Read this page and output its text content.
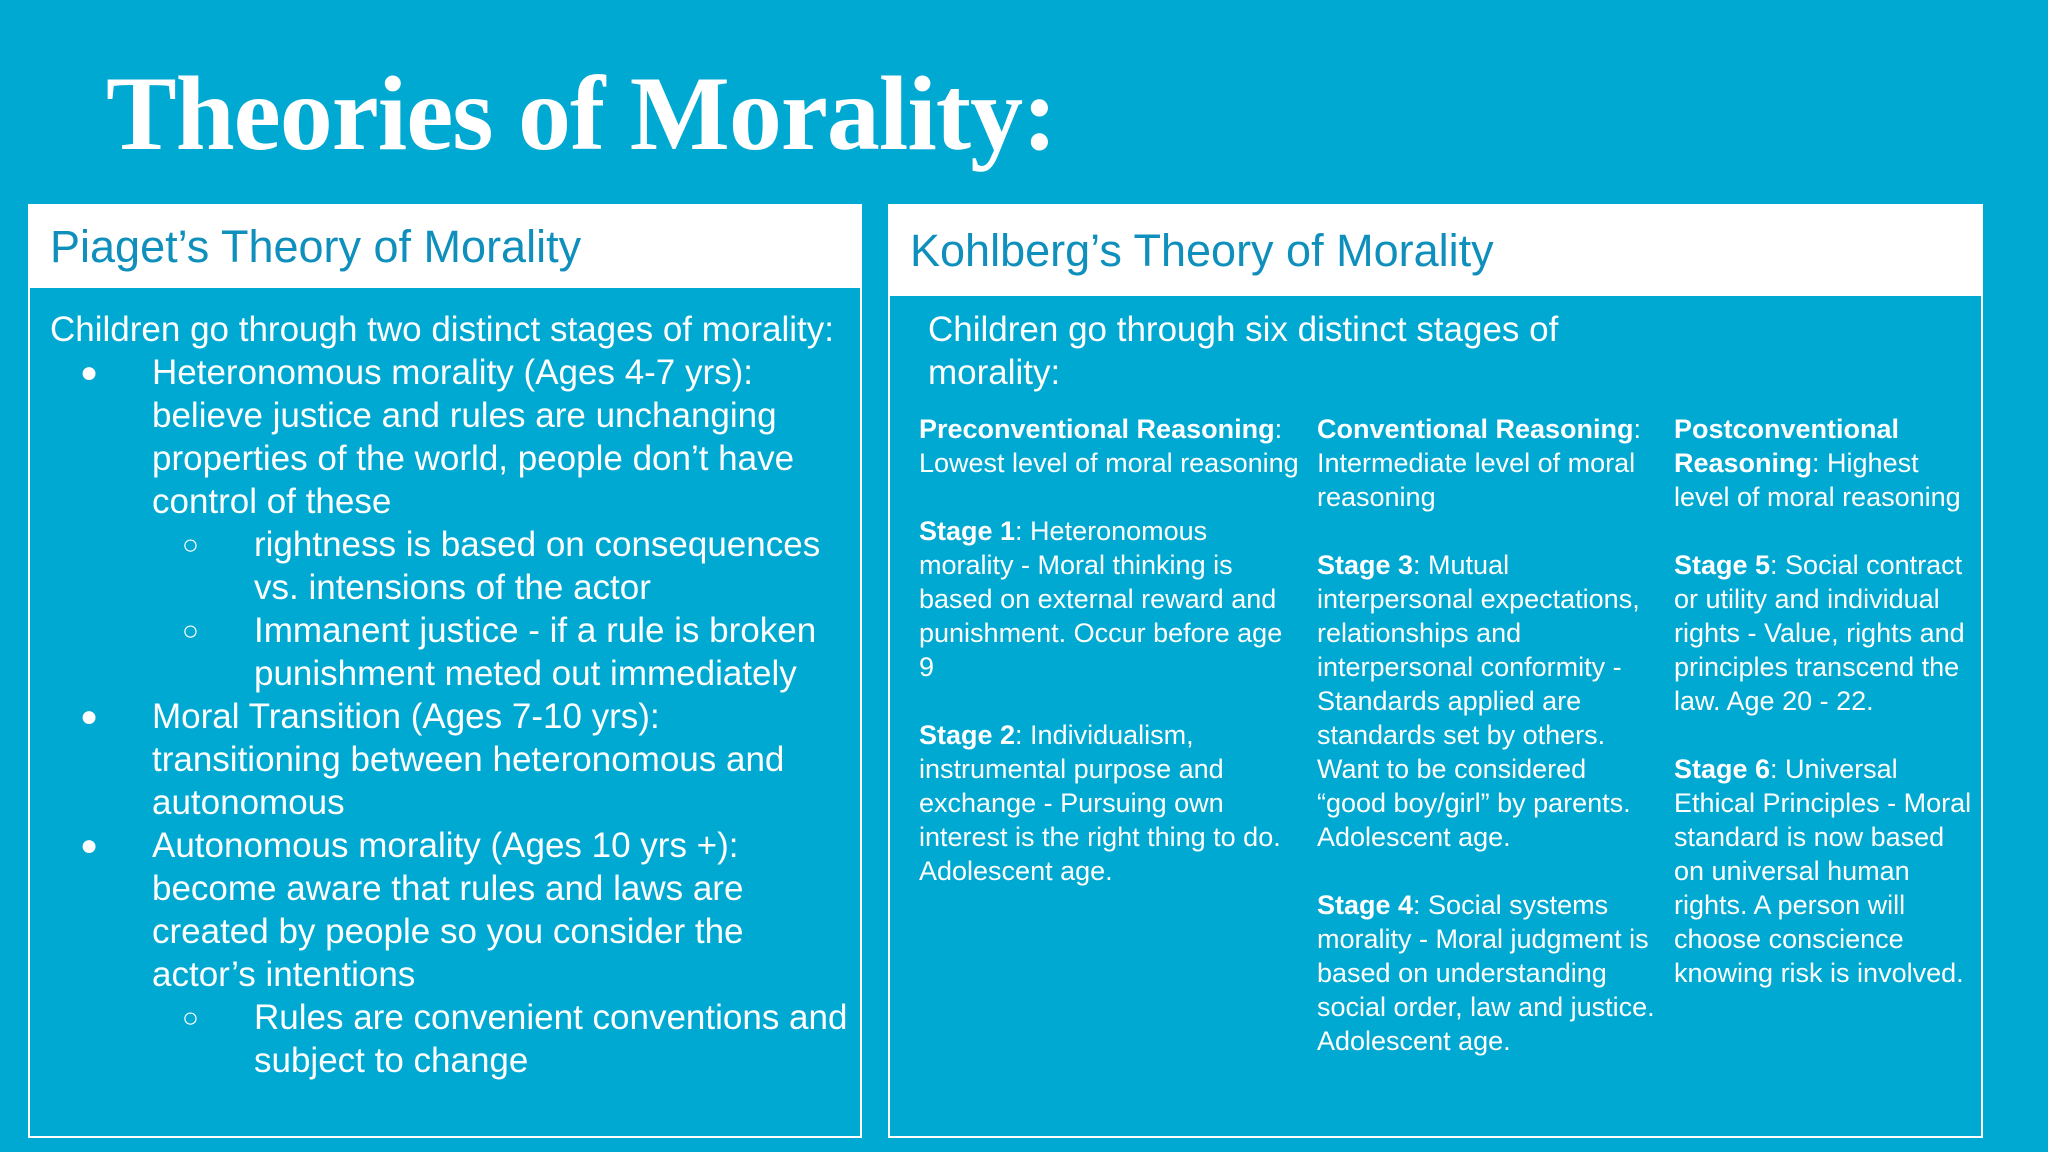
Theories of Morality:
Piaget’s Theory of Morality

Children go through two distinct stages of morality:

● Heteronomous morality (Ages 4-7 yrs): believe justice and rules are unchanging properties of the world, people don’t have control of these
○ rightness is based on consequences vs. intensions of the actor
○ Immanent justice - if a rule is broken punishment meted out immediately
● Moral Transition (Ages 7-10 yrs): transitioning between heteronomous and autonomous
● Autonomous morality (Ages 10 yrs +): become aware that rules and laws are created by people so you consider the actor’s intentions
○ Rules are convenient conventions and subject to change
Kohlberg’s Theory of Morality

Children go through six distinct stages of morality:

Preconventional Reasoning: Lowest level of moral reasoning

Stage 1: Heteronomous morality - Moral thinking is based on external reward and punishment. Occur before age 9

Stage 2: Individualism, instrumental purpose and exchange - Pursuing own interest is the right thing to do. Adolescent age.

Conventional Reasoning: Intermediate level of moral reasoning

Stage 3: Mutual interpersonal expectations, relationships and interpersonal conformity - Standards applied are standards set by others. Want to be considered “good boy/girl” by parents. Adolescent age.

Stage 4: Social systems morality - Moral judgment is based on understanding social order, law and justice. Adolescent age.

Postconventional Reasoning: Highest level of moral reasoning

Stage 5: Social contract or utility and individual rights - Value, rights and principles transcend the law. Age 20 - 22.

Stage 6: Universal Ethical Principles - Moral standard is now based on universal human rights. A person will choose conscience knowing risk is involved.
